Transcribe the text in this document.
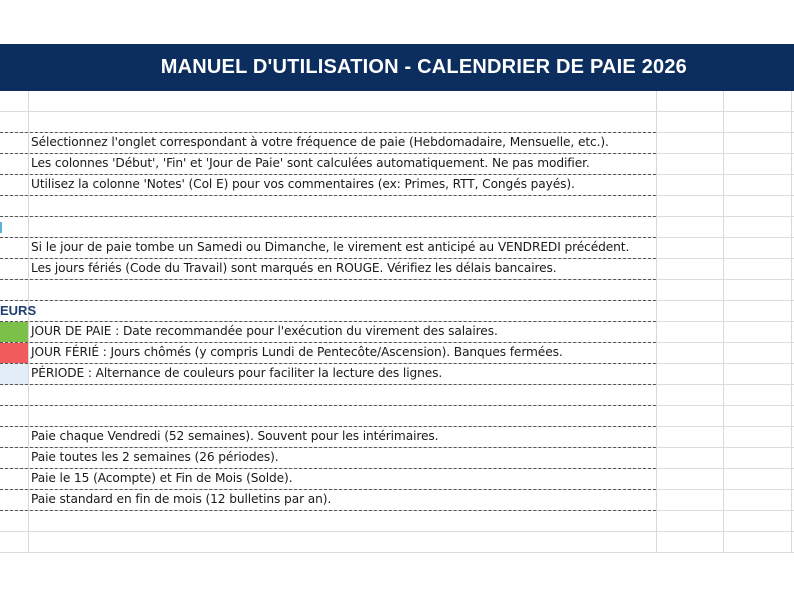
MANUEL D'UTILISATION - CALENDRIER DE PAIE 2026
Sélectionnez l'onglet correspondant à votre fréquence de paie (Hebdomadaire, Mensuelle, etc.).
Les colonnes 'Début', 'Fin' et 'Jour de Paie' sont calculées automatiquement. Ne pas modifier.
Utilisez la colonne 'Notes' (Col E) pour vos commentaires (ex: Primes, RTT, Congés payés).
Si le jour de paie tombe un Samedi ou Dimanche, le virement est anticipé au VENDREDI précédent.
Les jours fériés (Code du Travail) sont marqués en ROUGE. Vérifiez les délais bancaires.
EURS
JOUR DE PAIE : Date recommandée pour l'exécution du virement des salaires.
JOUR FÉRIÉ : Jours chômés (y compris Lundi de Pentecôte/Ascension). Banques fermées.
PÉRIODE : Alternance de couleurs pour faciliter la lecture des lignes.
Paie chaque Vendredi (52 semaines). Souvent pour les intérimaires.
Paie toutes les 2 semaines (26 périodes).
Paie le 15 (Acompte) et Fin de Mois (Solde).
Paie standard en fin de mois (12 bulletins par an).
